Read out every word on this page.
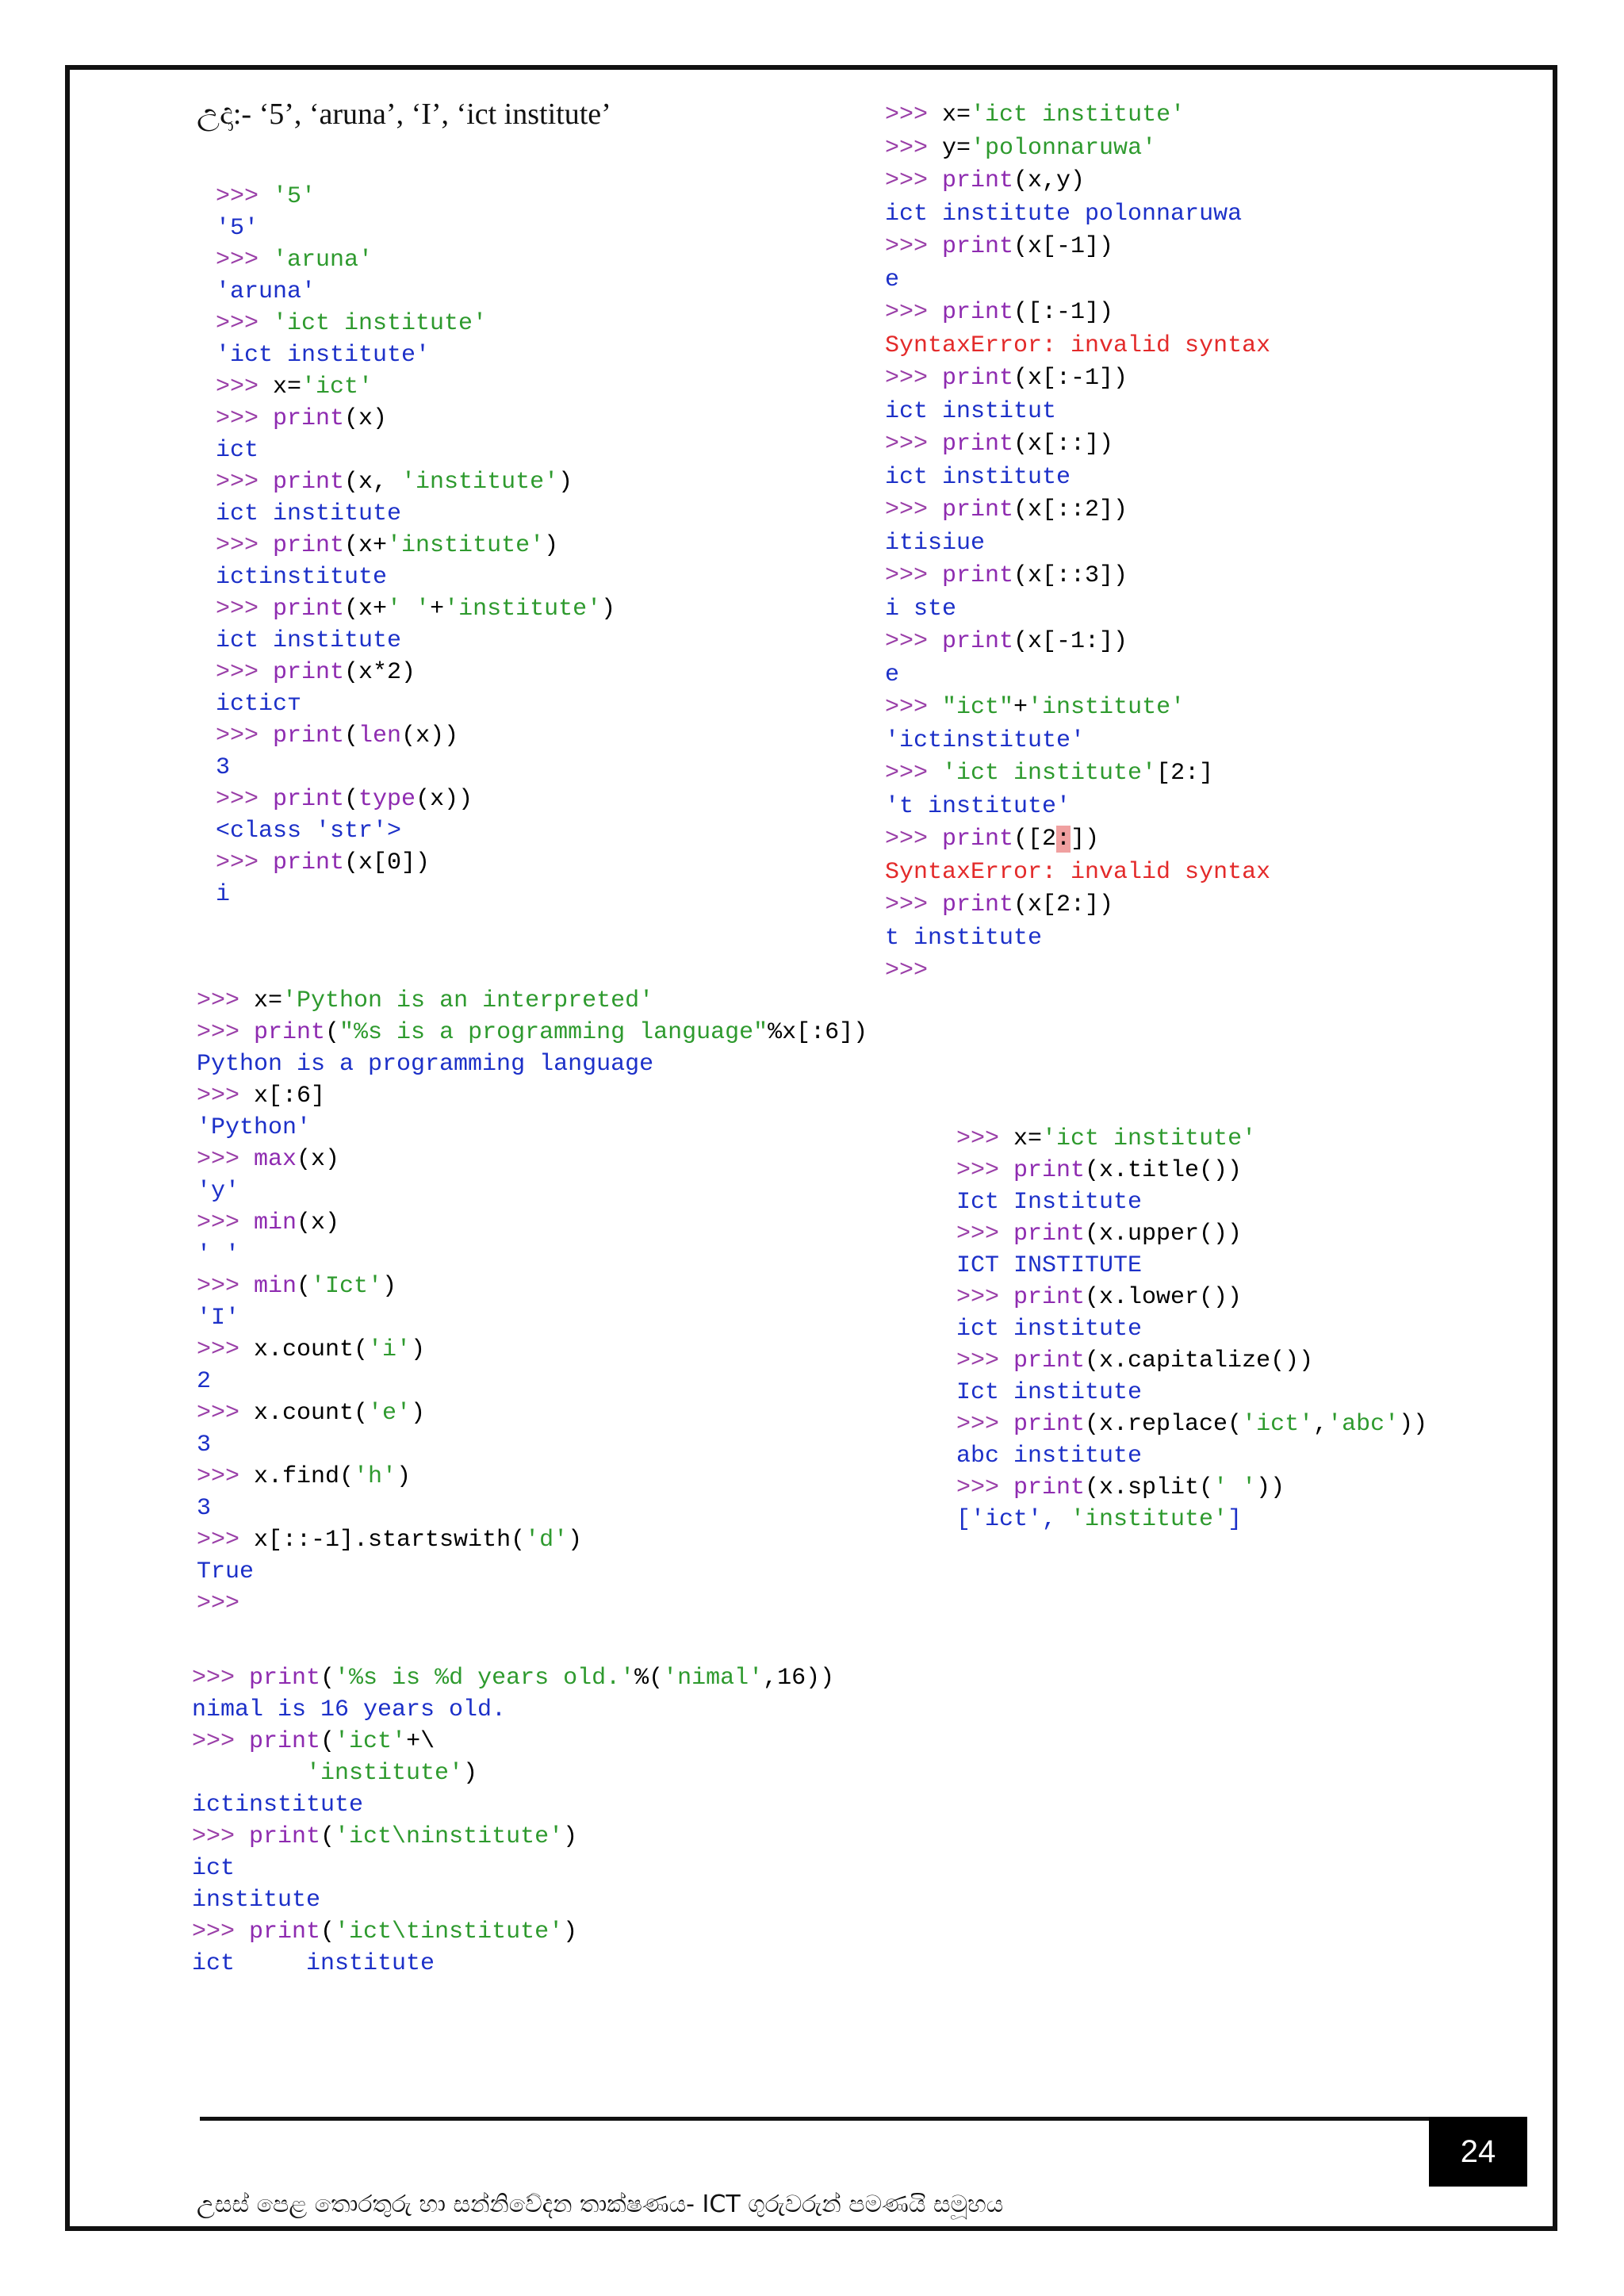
උදා:- ‘5’, ‘aruna’, ‘I’, ‘ict institute’
>>> '5'
'5'
>>> 'aruna'
'aruna'
>>> 'ict institute'
'ict institute'
>>> x='ict'
>>> print(x)
ict
>>> print(x, 'institute')
ict institute
>>> print(x+'institute')
ictinstitute
>>> print(x+' '+'institute')
ict institute
>>> print(x*2)
icticт
>>> print(len(x))
3
>>> print(type(x))
<class 'str'>
>>> print(x[0])
i
>>> x='ict institute'
>>> y='polonnaruwa'
>>> print(x,y)
ict institute polonnaruwa
>>> print(x[-1])
e
>>> print([:-1])
SyntaxError: invalid syntax
>>> print(x[:-1])
ict institut
>>> print(x[::])
ict institute
>>> print(x[::2])
itisiue
>>> print(x[::3])
i ste
>>> print(x[-1:])
e
>>> "ict"+'institute'
'ictinstitute'
>>> 'ict institute'[2:]
't institute'
>>> print([2:])
SyntaxError: invalid syntax
>>> print(x[2:])
t institute
>>>
>>> x='Python is an interpreted'
>>> print("%s is a programming language"%x[:6])
Python is a programming language
>>> x[:6]
'Python'
>>> max(x)
'y'
>>> min(x)
' '
>>> min('Ict')
'I'
>>> x.count('i')
2
>>> x.count('e')
3
>>> x.find('h')
3
>>> x[::-1].startswith('d')
True
>>>
>>> x='ict institute'
>>> print(x.title())
Ict Institute
>>> print(x.upper())
ICT INSTITUTE
>>> print(x.lower())
ict institute
>>> print(x.capitalize())
Ict institute
>>> print(x.replace('ict','abc'))
abc institute
>>> print(x.split(' '))
['ict', 'institute']
>>> print('%s is %d years old.'%('nimal',16))
nimal is 16 years old.
>>> print('ict'+\
'institute')
ictinstitute
>>> print('ict\ninstitute')
ict
institute
>>> print('ict\tinstitute')
ict     institute
24
උසස් පෙළ තොරතුරු හා සන්නිවේදන තාක්ෂණය- ICT ගුරුවරුන් පමණයි සමූහය
